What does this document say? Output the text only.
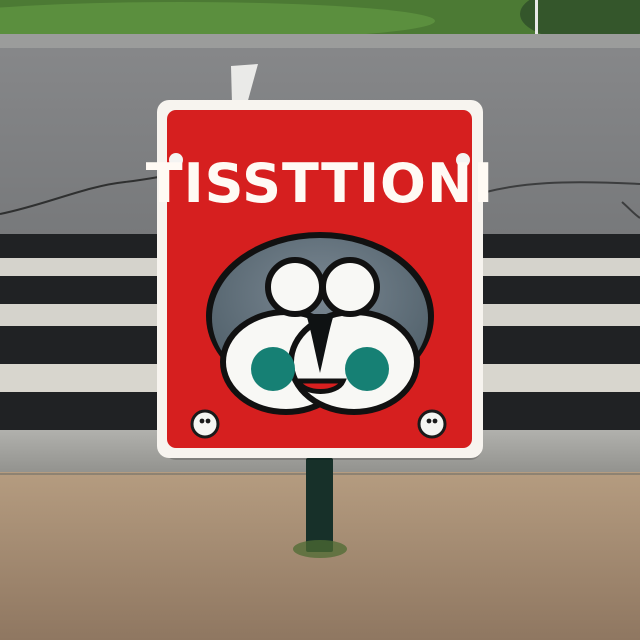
TISSTTIONI
